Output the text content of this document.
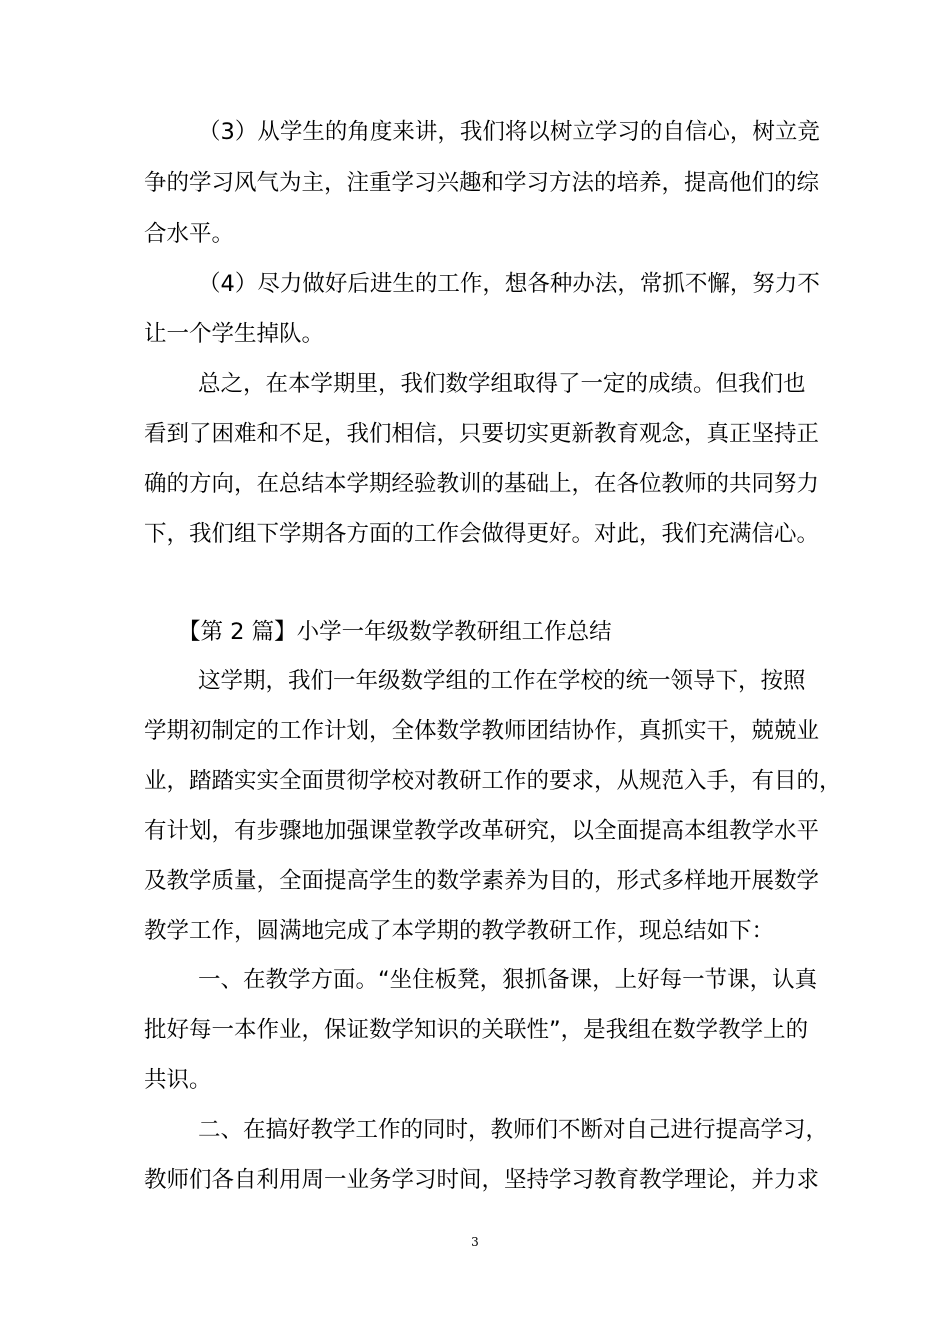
（3）从学生的角度来讲，我们将以树立学习的自信心，树立竞
争的学习风气为主，注重学习兴趣和学习方法的培养，提高他们的综
合水平。
（4）尽力做好后进生的工作，想各种办法，常抓不懈，努力不
让一个学生掉队。
总之，在本学期里，我们数学组取得了一定的成绩。但我们也
看到了困难和不足，我们相信，只要切实更新教育观念，真正坚持正
确的方向，在总结本学期经验教训的基础上，在各位教师的共同努力
下，我们组下学期各方面的工作会做得更好。对此，我们充满信心。
【第 2 篇】小学一年级数学教研组工作总结
这学期，我们一年级数学组的工作在学校的统一领导下，按照
学期初制定的工作计划，全体数学教师团结协作，真抓实干，兢兢业
业，踏踏实实全面贯彻学校对教研工作的要求，从规范入手，有目的，
有计划，有步骤地加强课堂教学改革研究，以全面提高本组教学水平
及教学质量，全面提高学生的数学素养为目的，形式多样地开展数学
教学工作，圆满地完成了本学期的教学教研工作，现总结如下：
一、在教学方面。“坐住板凳，狠抓备课，上好每一节课，认真
批好每一本作业，保证数学知识的关联性”，是我组在数学教学上的
共识。
二、在搞好教学工作的同时，教师们不断对自己进行提高学习，
教师们各自利用周一业务学习时间，坚持学习教育教学理论，并力求
3
